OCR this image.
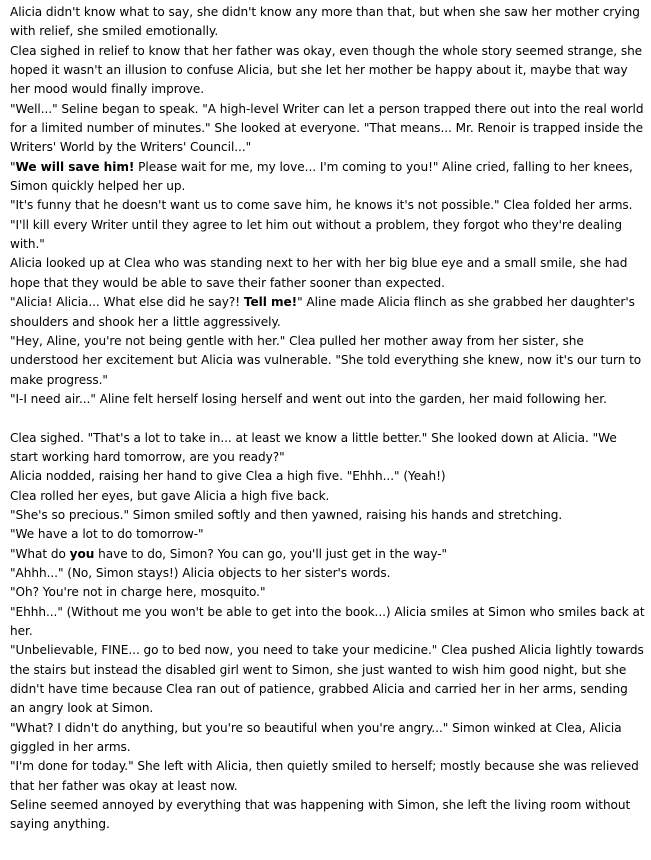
Alicia didn't know what to say, she didn't know any more than that, but when she saw her mother crying with relief, she smiled emotionally.

Clea sighed in relief to know that her father was okay, even though the whole story seemed strange, she hoped it wasn't an illusion to confuse Alicia, but she let her mother be happy about it, maybe that way her mood would finally improve.

"Well..." Seline began to speak. "A high-level Writer can let a person trapped there out into the real world for a limited number of minutes." She looked at everyone. "That means... Mr. Renoir is trapped inside the Writers' World by the Writers' Council..."

"We will save him! Please wait for me, my love... I'm coming to you!" Aline cried, falling to her knees, Simon quickly helped her up.

"It's funny that he doesn't want us to come save him, he knows it's not possible." Clea folded her arms. "I'll kill every Writer until they agree to let him out without a problem, they forgot who they're dealing with."

Alicia looked up at Clea who was standing next to her with her big blue eye and a small smile, she had hope that they would be able to save their father sooner than expected.

"Alicia! Alicia... What else did he say?! Tell me!" Aline made Alicia flinch as she grabbed her daughter's shoulders and shook her a little aggressively.

"Hey, Aline, you're not being gentle with her." Clea pulled her mother away from her sister, she understood her excitement but Alicia was vulnerable. "She told everything she knew, now it's our turn to make progress."

"I-I need air..." Aline felt herself losing herself and went out into the garden, her maid following her.

Clea sighed. "That's a lot to take in... at least we know a little better." She looked down at Alicia. "We start working hard tomorrow, are you ready?"

Alicia nodded, raising her hand to give Clea a high five. "Ehhh..." (Yeah!)

Clea rolled her eyes, but gave Alicia a high five back.

"She's so precious." Simon smiled softly and then yawned, raising his hands and stretching.

"We have a lot to do tomorrow-"

"What do you have to do, Simon? You can go, you'll just get in the way-"

"Ahhh..." (No, Simon stays!) Alicia objects to her sister's words.

"Oh? You're not in charge here, mosquito."

"Ehhh..." (Without me you won't be able to get into the book...) Alicia smiles at Simon who smiles back at her.

"Unbelievable, FINE... go to bed now, you need to take your medicine." Clea pushed Alicia lightly towards the stairs but instead the disabled girl went to Simon, she just wanted to wish him good night, but she didn't have time because Clea ran out of patience, grabbed Alicia and carried her in her arms, sending an angry look at Simon.

"What? I didn't do anything, but you're so beautiful when you're angry..." Simon winked at Clea, Alicia giggled in her arms.

"I'm done for today." She left with Alicia, then quietly smiled to herself; mostly because she was relieved that her father was okay at least now.

Seline seemed annoyed by everything that was happening with Simon, she left the living room without saying anything.
